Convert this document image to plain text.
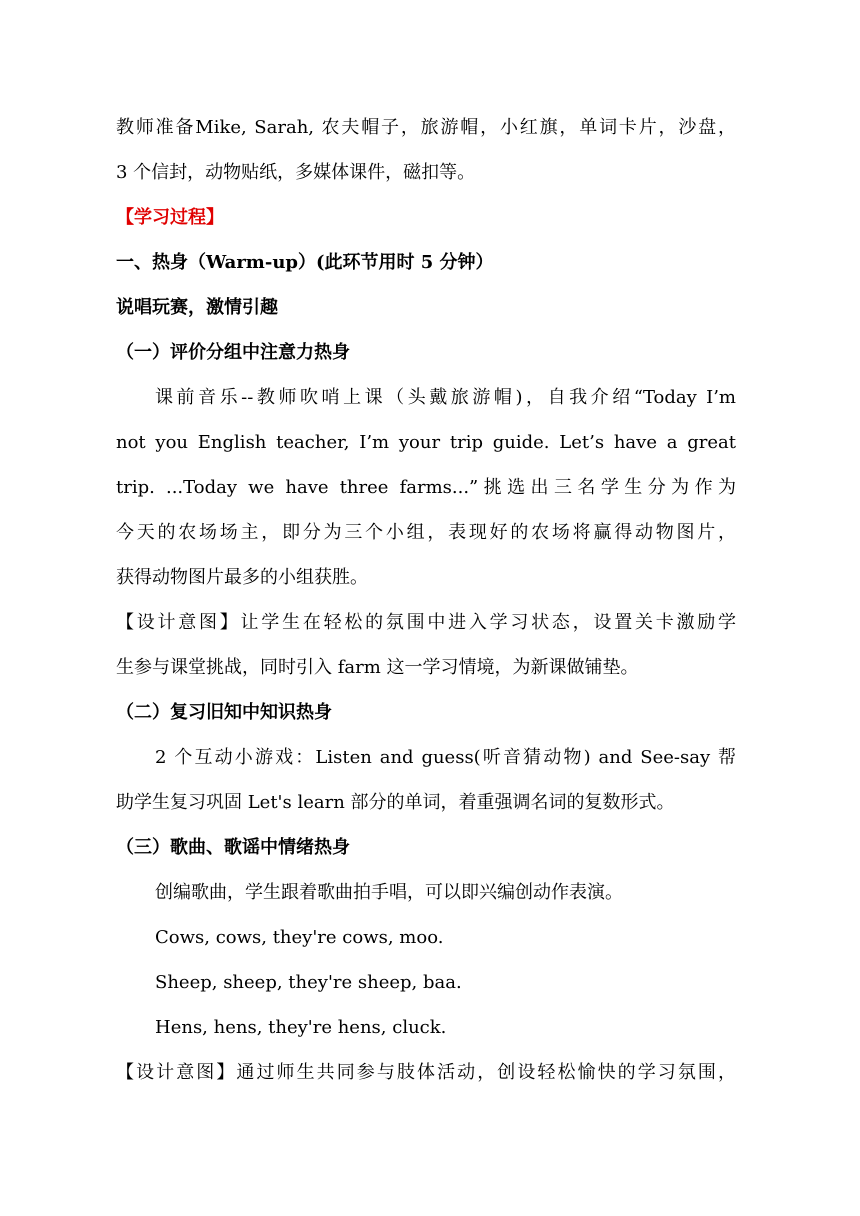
教师准备Mike, Sarah, 农夫帽子，旅游帽，小红旗，单词卡片，沙盘，
3 个信封，动物贴纸，多媒体课件，磁扣等。
【学习过程】
一、热身（Warm-up）(此环节用时 5 分钟）
说唱玩赛，激情引趣
（一）评价分组中注意力热身
课前音乐--教师吹哨上课（头戴旅游帽)，自我介绍“Today I’m
not you English teacher, I’m your trip guide. Let’s have a great
trip. ...Today we have three farms...”挑选出三名学生分为作为
今天的农场场主，即分为三个小组，表现好的农场将赢得动物图片，
获得动物图片最多的小组获胜。
【设计意图】让学生在轻松的氛围中进入学习状态，设置关卡激励学
生参与课堂挑战，同时引入 farm 这一学习情境，为新课做铺垫。
（二）复习旧知中知识热身
2 个互动小游戏：Listen and guess(听音猜动物) and See-say 帮
助学生复习巩固 Let's learn 部分的单词，着重强调名词的复数形式。
（三）歌曲、歌谣中情绪热身
创编歌曲，学生跟着歌曲拍手唱，可以即兴编创动作表演。
Cows, cows, they're cows, moo.
Sheep, sheep, they're sheep, baa.
Hens, hens, they're hens, cluck.
【设计意图】通过师生共同参与肢体活动，创设轻松愉快的学习氛围，
